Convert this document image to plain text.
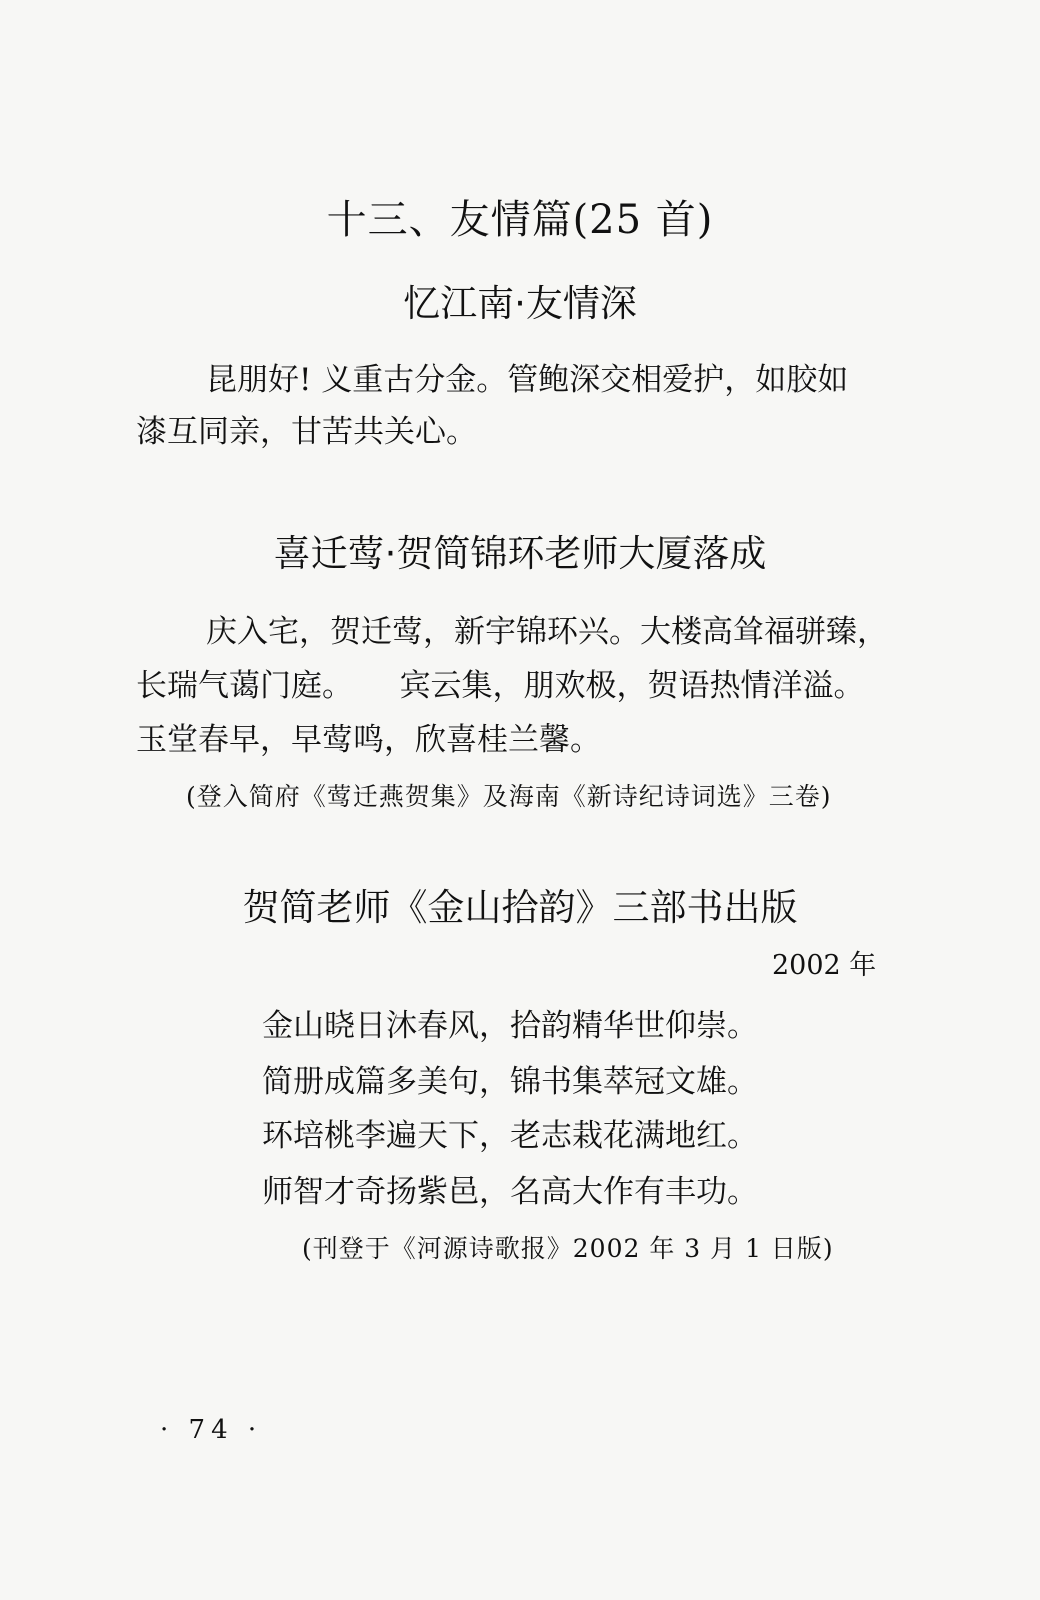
十三、友情篇(25 首)
忆江南·友情深
昆朋好! 义重古分金。管鲍深交相爱护，如胶如
漆互同亲，甘苦共关心。
喜迁莺·贺简锦环老师大厦落成
庆入宅，贺迁莺，新宇锦环兴。大楼高耸福骈臻，
长瑞气蔼门庭。　　宾云集，朋欢极，贺语热情洋溢。
玉堂春早，早莺鸣，欣喜桂兰馨。
(登入简府《莺迁燕贺集》及海南《新诗纪诗词选》三卷)
贺简老师《金山拾韵》三部书出版
2002 年
金山晓日沐春风，拾韵精华世仰崇。
简册成篇多美句，锦书集萃冠文雄。
环培桃李遍天下，老志栽花满地红。
师智才奇扬紫邑，名高大作有丰功。
(刊登于《河源诗歌报》2002 年 3 月 1 日版)
· 74 ·
